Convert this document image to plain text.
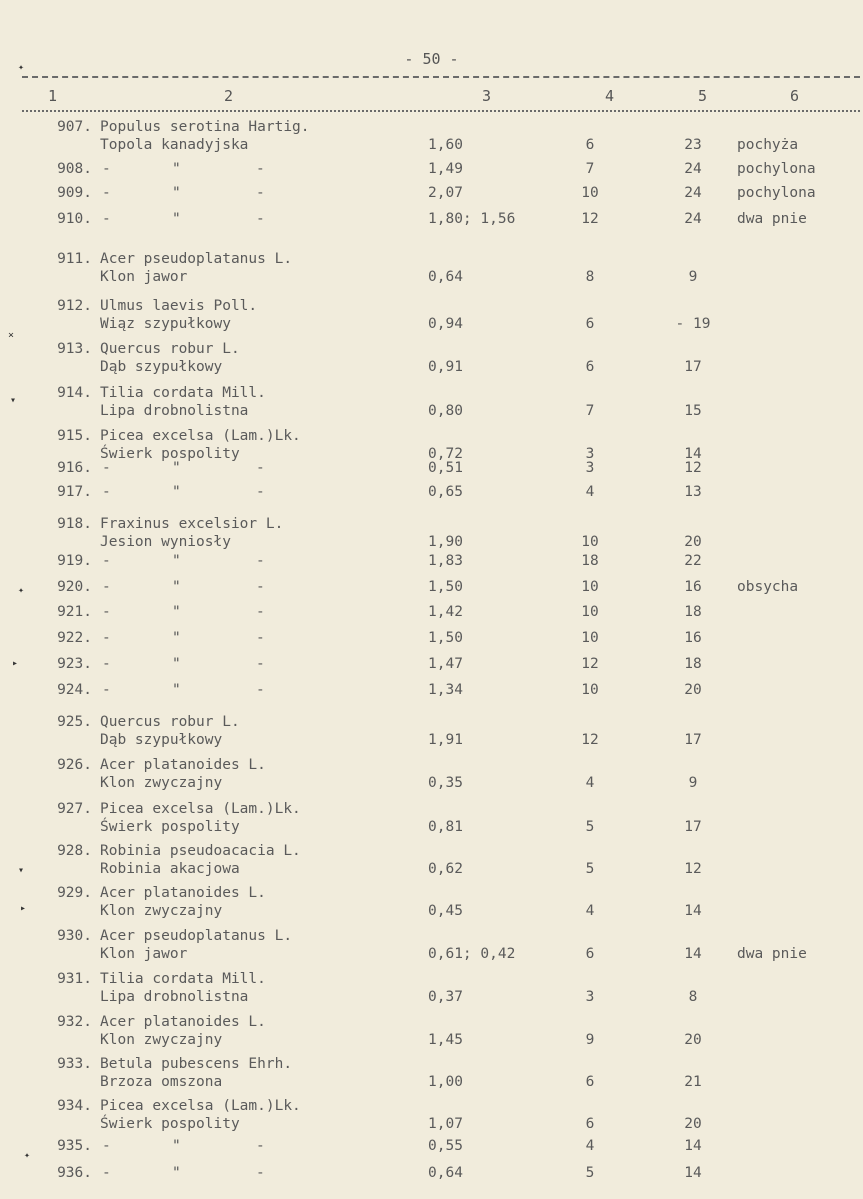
- 50 -
1	2	3	4	5	6
907. Populus serotina Hartig.
Topola kanadyjska	1,60	6	23	pochyża
908. -	"	-	1,49	7	24	pochylona
909. -	"	-	2,07	10	24	pochylona
910. -	"	-	1,80; 1,56	12	24	dwa pnie
911. Acer pseudoplatanus L.
Klon jawor	0,64	8	9
912. Ulmus laevis Poll.
Wiąz szypułkowy	0,94	6	- 19
913. Quercus robur L.
Dąb szypułkowy	0,91	6	17
914. Tilia cordata Mill.
Lipa drobnolistna	0,80	7	15
915. Picea excelsa (Lam.)Lk.
Świerk pospolity	0,72	3	14
916. -	"	-	0,51	3	12
917. -	"	-	0,65	4	13
918. Fraxinus excelsior L.
Jesion wyniosły	1,90	10	20
919. -	"	-	1,83	18	22
920. -	"	-	1,50	10	16	obsycha
921. -	"	-	1,42	10	18
922. -	"	-	1,50	10	16
923. -	"	-	1,47	12	18
924. -	"	-	1,34	10	20
925. Quercus robur L.
Dąb szypułkowy	1,91	12	17
926. Acer platanoides L.
Klon zwyczajny	0,35	4	9
927. Picea excelsa (Lam.)Lk.
Świerk pospolity	0,81	5	17
928. Robinia pseudoacacia L.
Robinia akacjowa	0,62	5	12
929. Acer platanoides L.
Klon zwyczajny	0,45	4	14
930. Acer pseudoplatanus L.
Klon jawor	0,61; 0,42	6	14	dwa pnie
931. Tilia cordata Mill.
Lipa drobnolistna	0,37	3	8
932. Acer platanoides L.
Klon zwyczajny	1,45	9	20
933. Betula pubescens Ehrh.
Brzoza omszona	1,00	6	21
934. Picea excelsa (Lam.)Lk.
Świerk pospolity	1,07	6	20
935. -	"	-	0,55	4	14
936. -	"	-	0,64	5	14
✦
×
▾
✦
▸
▾
▸
✦
